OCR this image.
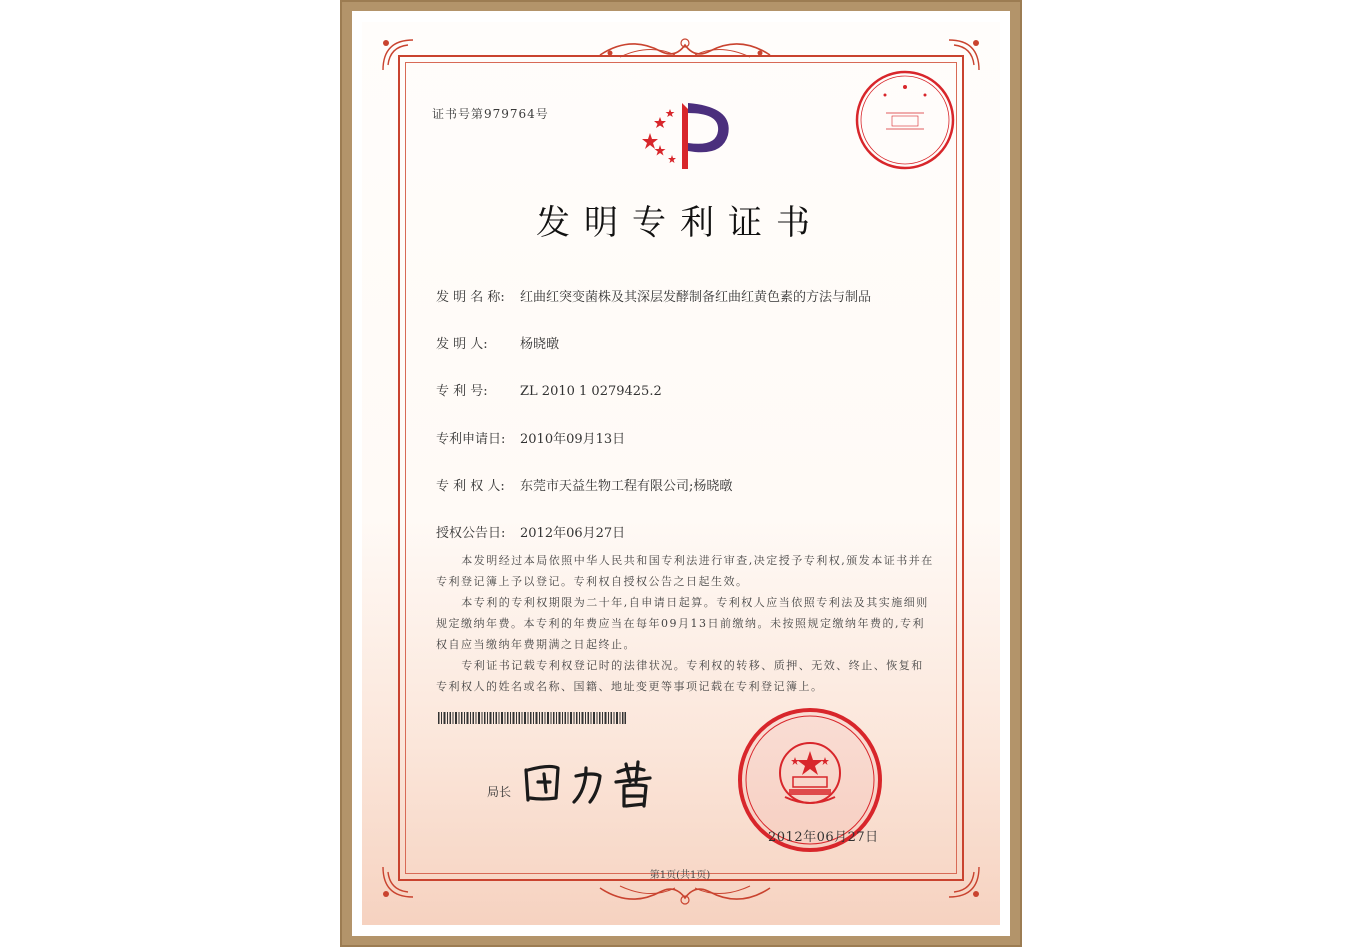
证书号第979764号
发明专利证书
发 明 名 称: 红曲红突变菌株及其深层发酵制备红曲红黄色素的方法与制品
发 明 人: 杨晓暾
专 利 号: ZL 2010 1 0279425.2
专利申请日: 2010年09月13日
专 利 权 人: 东莞市天益生物工程有限公司;杨晓暾
授权公告日: 2012年06月27日

本发明经过本局依照中华人民共和国专利法进行审查,决定授予专利权,颁发本证书并在专利登记簿上予以登记。专利权自授权公告之日起生效。

本专利的专利权期限为二十年,自申请日起算。专利权人应当依照专利法及其实施细则规定缴纳年费。本专利的年费应当在每年09月13日前缴纳。未按照规定缴纳年费的,专利权自应当缴纳年费期满之日起终止。

专利证书记载专利权登记时的法律状况。专利权的转移、质押、无效、终止、恢复和专利权人的姓名或名称、国籍、地址变更等事项记载在专利登记簿上。

局长
2012年06月27日
第1页(共1页)
